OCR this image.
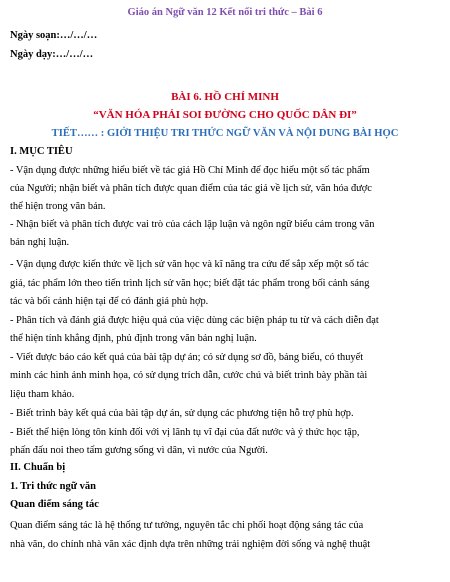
Giáo án Ngữ văn 12 Kết nối tri thức – Bài 6
Ngày soạn:…/…/…
Ngày dạy:…/…/…
BÀI 6. HỒ CHÍ MINH
“VĂN HÓA PHẢI SOI ĐƯỜNG CHO QUỐC DÂN ĐI”
TIẾT…… : GIỚI THIỆU TRI THỨC NGỮ VĂN VÀ NỘI DUNG BÀI HỌC
I. MỤC TIÊU
- Vận dụng được những hiểu biết về tác giả Hồ Chí Minh để đọc hiểu một số tác phẩm
của Người; nhận biết và phân tích được quan điểm của tác giả về lịch sử, văn hóa được
thể hiện trong văn bản.
- Nhận biết và phân tích được vai trò của cách lập luận và ngôn ngữ biểu cảm trong văn
bản nghị luận.
- Vận dụng được kiến thức về lịch sử văn học và kĩ năng tra cứu để sắp xếp một số tác
giả, tác phẩm lớn theo tiến trình lịch sử văn học; biết đặt tác phẩm trong bối cảnh sáng
tác và bối cảnh hiện tại để có đánh giá phù hợp.
- Phân tích và đánh giá được hiệu quả của việc dùng các biện pháp tu từ và cách diễn đạt
thể hiện tính khẳng định, phủ định trong văn bản nghị luận.
- Viết được báo cáo kết quả của bài tập dự án; có sử dụng sơ đồ, bảng biểu, có thuyết
minh các hình ảnh minh họa, có sử dụng trích dẫn, cước chú và biết trình bày phần tài
liệu tham khảo.
- Biết trình bày kết quả của bài tập dự án, sử dụng các phương tiện hỗ trợ phù hợp.
- Biết thể hiện lòng tôn kính đối với vị lãnh tụ vĩ đại của đất nước và ý thức học tập,
phấn đấu noi theo tấm gương sống vì dân, vì nước của Người.
II. Chuẩn bị
1. Tri thức ngữ văn
Quan điểm sáng tác
Quan điểm sáng tác là hệ thống tư tưởng, nguyên tắc chi phối hoạt động sáng tác của
nhà văn, do chính nhà văn xác định dựa trên những trải nghiệm đời sống và nghệ thuật
